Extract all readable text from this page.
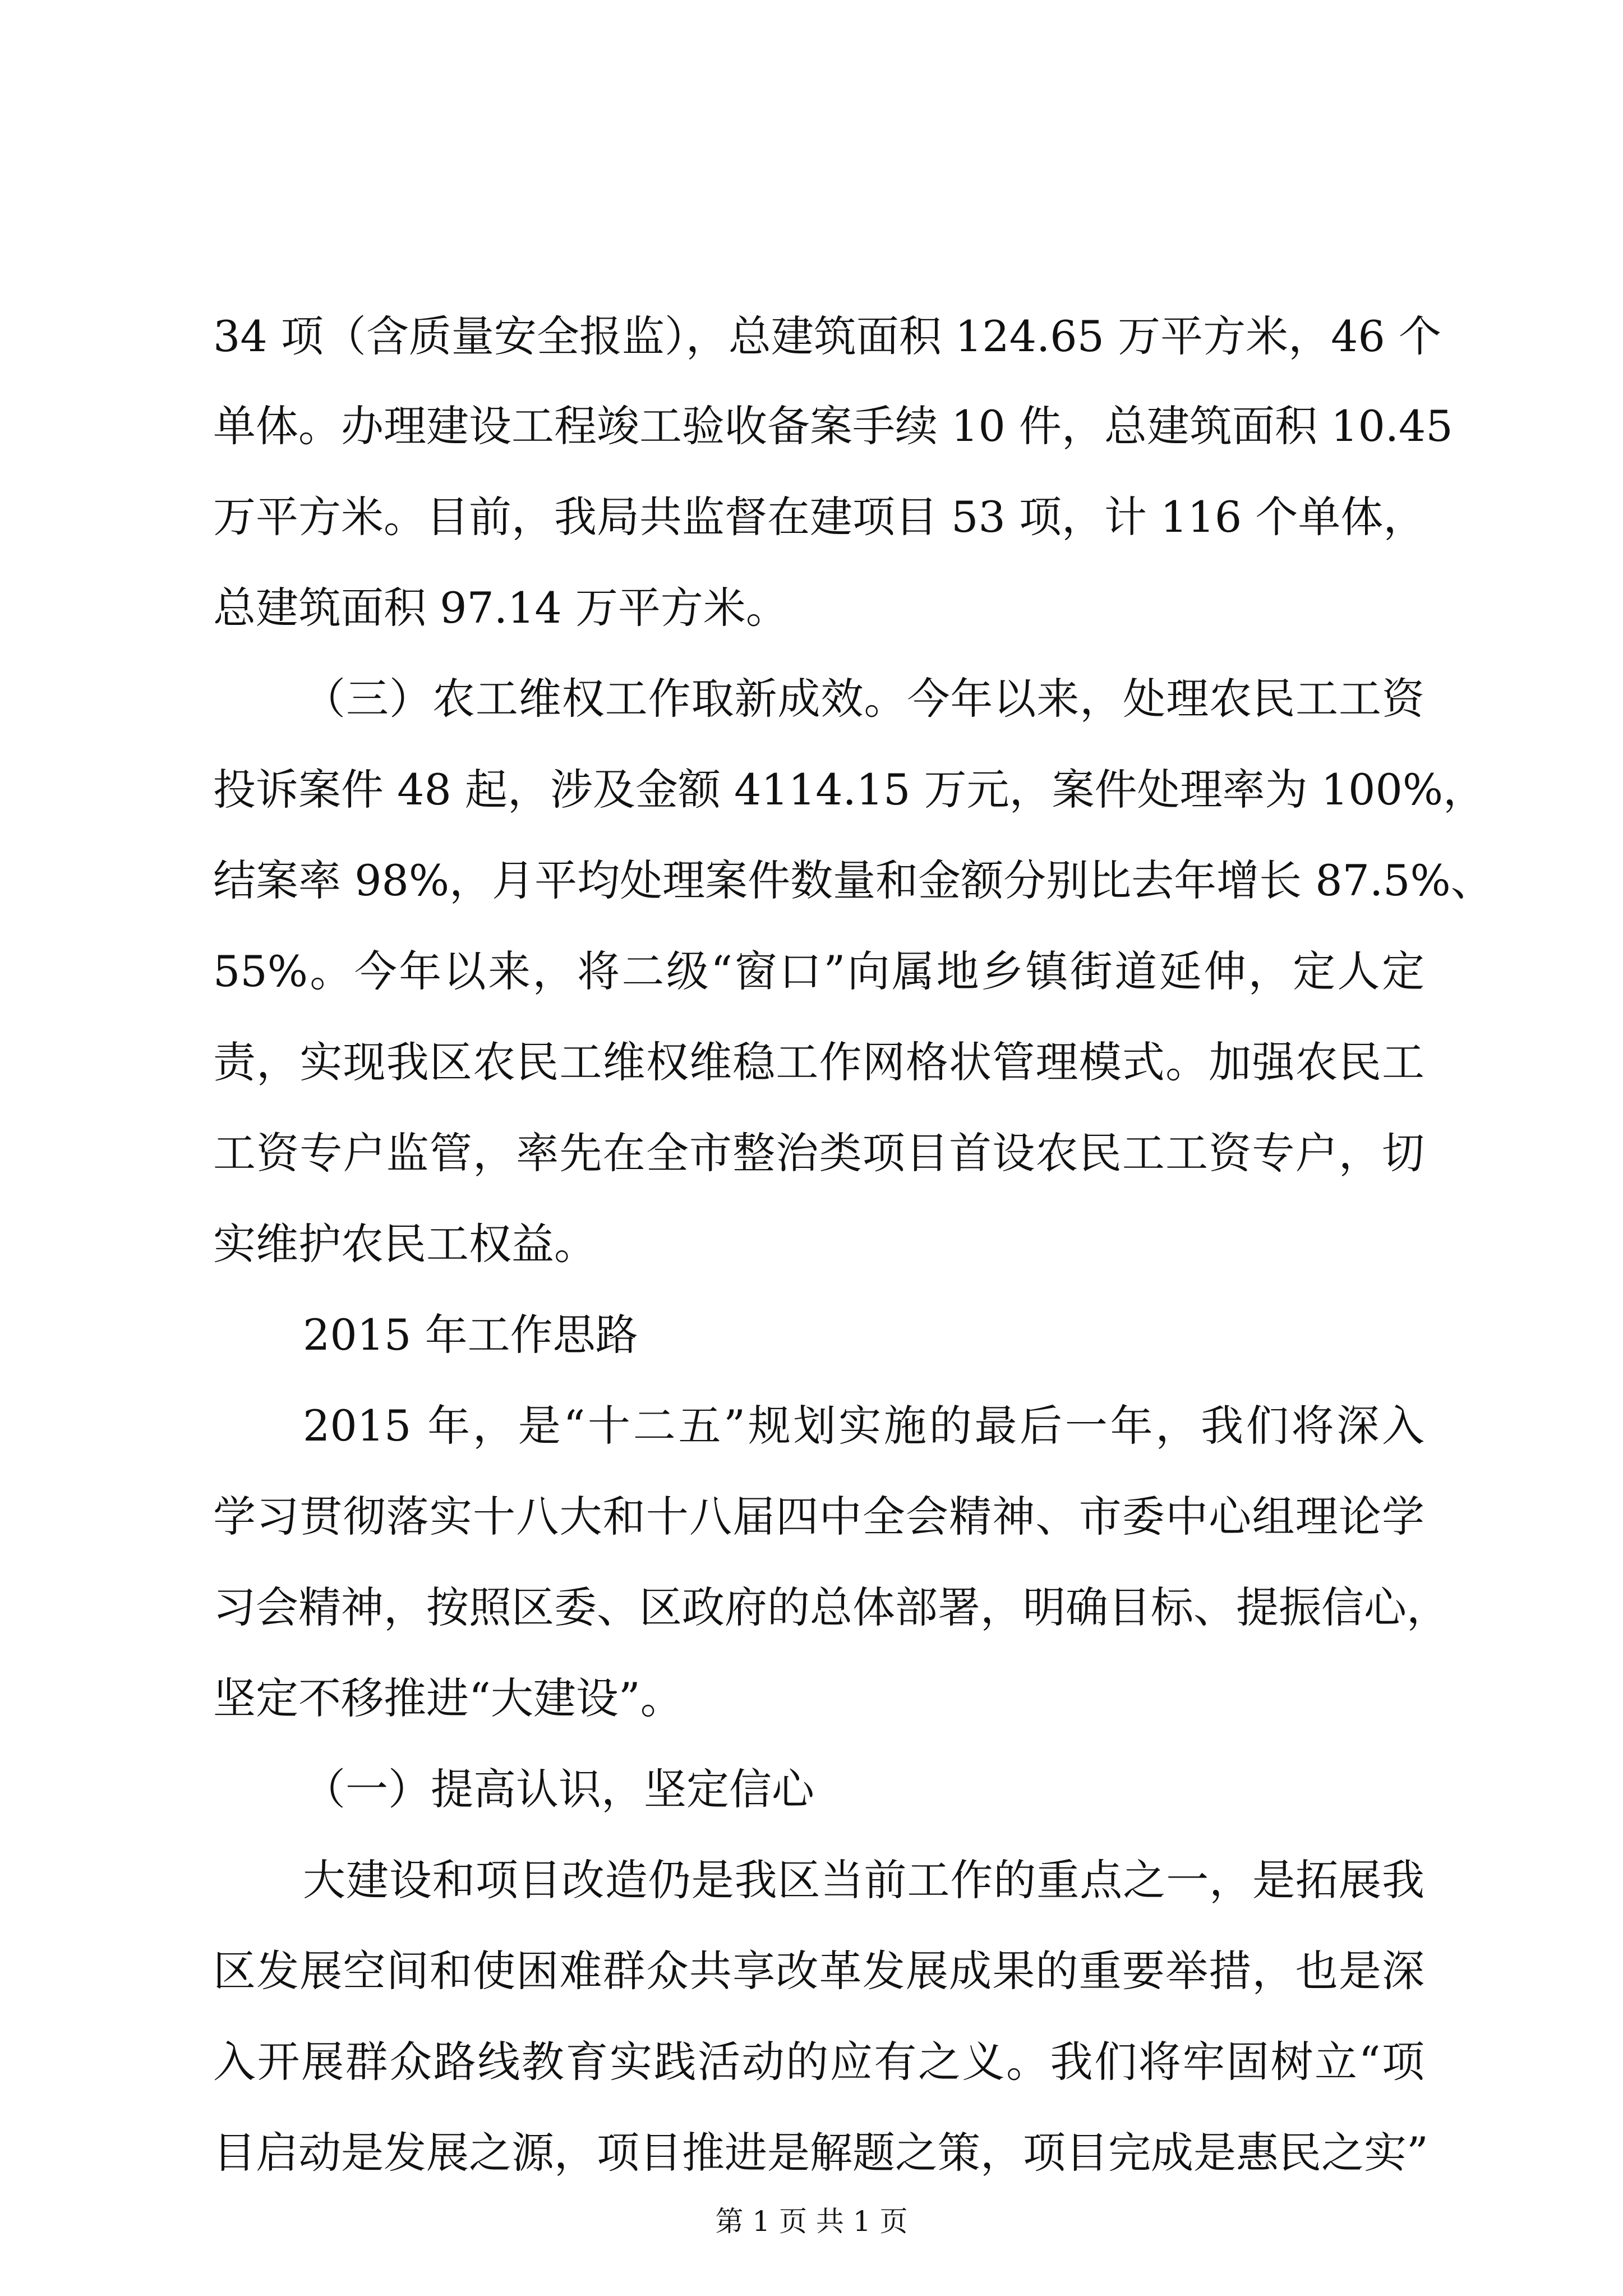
34 项（含质量安全报监），总建筑面积 124.65 万平方米，46 个
单体。办理建设工程竣工验收备案手续 10 件，总建筑面积 10.45
万平方米。目前，我局共监督在建项目 53 项，计 116 个单体，
总建筑面积 97.14 万平方米。
（三）农工维权工作取新成效。今年以来，处理农民工工资
投诉案件 48 起，涉及金额 4114.15 万元，案件处理率为 100%，
结案率 98%，月平均处理案件数量和金额分别比去年增长 87.5%、
55%。今年以来，将二级“窗口”向属地乡镇街道延伸，定人定
责，实现我区农民工维权维稳工作网格状管理模式。加强农民工
工资专户监管，率先在全市整治类项目首设农民工工资专户，切
实维护农民工权益。
2015 年工作思路
2015 年，是“十二五”规划实施的最后一年，我们将深入
学习贯彻落实十八大和十八届四中全会精神、市委中心组理论学
习会精神，按照区委、区政府的总体部署，明确目标、提振信心，
坚定不移推进“大建设”。
（一）提高认识，坚定信心
大建设和项目改造仍是我区当前工作的重点之一，是拓展我
区发展空间和使困难群众共享改革发展成果的重要举措，也是深
入开展群众路线教育实践活动的应有之义。我们将牢固树立“项
目启动是发展之源，项目推进是解题之策，项目完成是惠民之实”
第 1 页 共 1 页
